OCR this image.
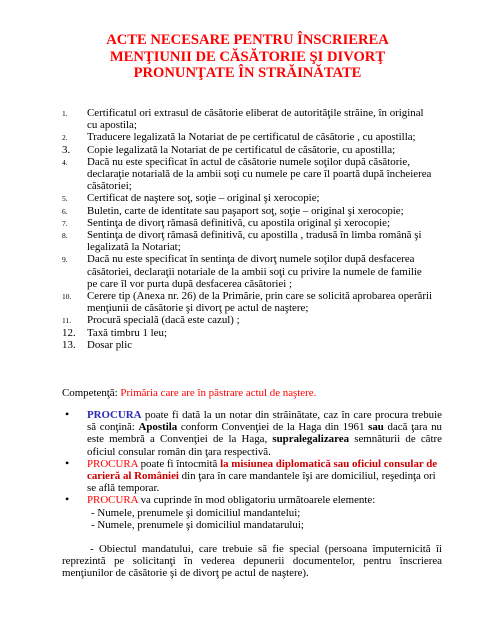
ACTE NECESARE PENTRU ÎNSCRIEREA
MENŢIUNII DE CĂSĂTORIE ŞI DIVORŢ
PRONUNŢATE ÎN STRĂINĂTATE
1. Certificatul ori extrasul de căsătorie eliberat de autorităţile străine, în original cu apostila;
2. Traducere legalizată la Notariat de pe certificatul de căsătorie , cu apostilla;
3. Copie legalizată la Notariat de pe certificatul de căsătorie, cu apostilla;
4. Dacă nu este specificat în actul de căsătorie numele soţilor după căsătorie, declaraţie notarială de la ambii soţi cu numele pe care îl poartă după încheierea căsătoriei;
5. Certificat de naştere soţ, soţie – original şi xerocopie;
6. Buletin, carte de identitate sau paşaport soţ, soţie – original şi xerocopie;
7. Sentinţa de divorţ rămasă definitivă, cu apostila original şi xerocopie;
8. Sentinţa de divorţ rămasă definitivă, cu apostilla , tradusă în limba română şi legalizată la Notariat;
9. Dacă nu este specificat în sentinţa de divorţ numele soţilor după desfacerea căsătoriei, declaraţii notariale de la ambii soţi cu privire la numele de familie pe care îl vor purta după desfacerea căsătoriei ;
10. Cerere tip (Anexa nr. 26) de la Primărie, prin care se solicită aprobarea operării menţiunii de căsătorie şi divorţ pe actul de naştere;
11. Procură specială (dacă este cazul) ;
12. Taxă timbru 1 leu;
13. Dosar plic
Competenţă: Primăria care are în păstrare actul de naştere.
• PROCURA poate fi dată la un notar din străinătate, caz în care procura trebuie să conţină: Apostila conform Convenţiei de la Haga din 1961 sau dacă ţara nu este membră a Convenţiei de la Haga, supralegalizarea semnăturii de către oficiul consular român din ţara respectivă.
• PROCURA poate fi întocmită la misiunea diplomatică sau oficiul consular de carieră al României din ţara în care mandantele îşi are domiciliul, reşedinţa ori se află temporar.
• PROCURA va cuprinde în mod obligatoriu următoarele elemente:
- Numele, prenumele şi domiciliul mandantelui;
- Numele, prenumele şi domiciliul mandatarului;
- Obiectul mandatului, care trebuie să fie special (persoana împuternicită îi reprezintă pe solicitanţi în vederea depunerii documentelor, pentru înscrierea menţiunilor de căsătorie şi de divorţ pe actul de naştere).
